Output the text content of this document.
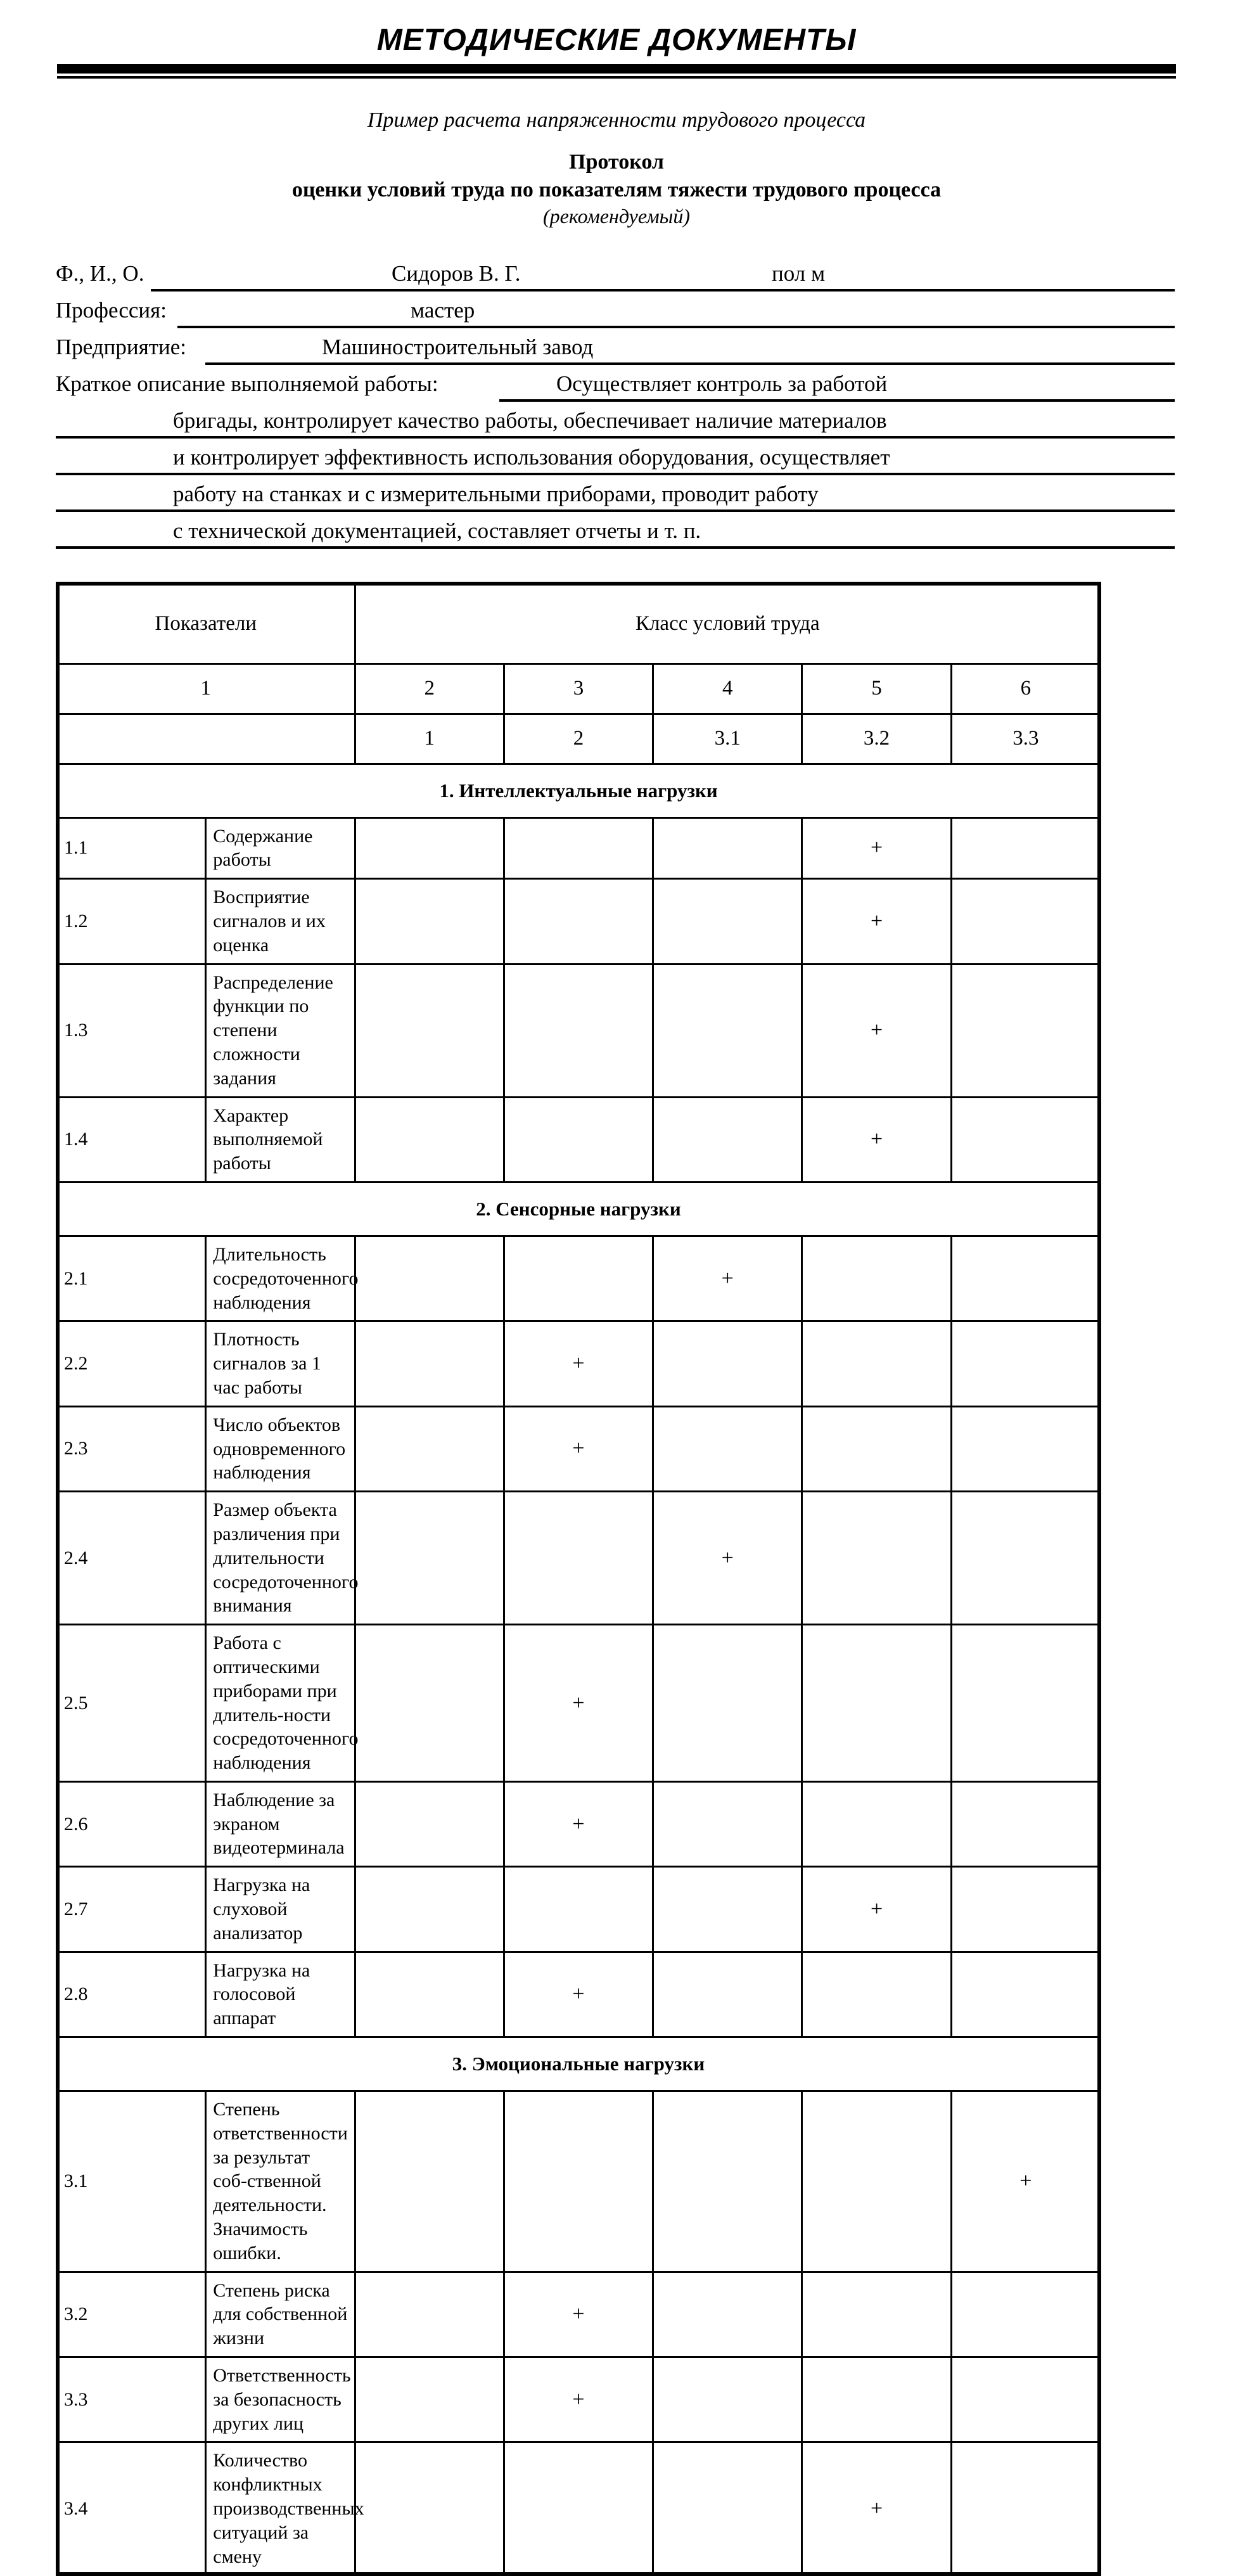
МЕТОДИЧЕСКИЕ ДОКУМЕНТЫ
Пример расчета напряженности трудового процесса
Протокол
оценки условий труда по показателям тяжести трудового процесса
(рекомендуемый)
Ф., И., О.	Сидоров В. Г.	пол м
Профессия:	мастер
Предприятие:	Машиностроительный завод
Краткое описание выполняемой работы:	Осуществляет контроль за работой
бригады, контролирует качество работы, обеспечивает наличие материалов
и контролирует эффективность использования оборудования, осуществляет
работу на станках и с измерительными приборами, проводит работу
с технической документацией, составляет отчеты и т. п.
Показатели		Класс условий труда				
1		2	3	4	5	6
		1	2	3.1	3.2	3.3
1. Интеллектуальные нагрузки						
1.1	Содержание работы				+	
1.2	Восприятие сигналов и их оценка				+	
1.3	Распределение функции по степени сложности задания				+	
1.4	Характер выполняемой работы				+	
2. Сенсорные нагрузки						
2.1	Длительность сосредоточенного наблюдения			+		
2.2	Плотность сигналов за 1 час работы		+			
2.3	Число объектов одновременного наблюдения		+			
2.4	Размер объекта различения при длительности сосредоточенного внимания			+		
2.5	Работа с оптическими приборами при длитель-ности сосредоточенного наблюдения		+			
2.6	Наблюдение за экраном видеотерминала		+			
2.7	Нагрузка на слуховой анализатор				+	
2.8	Нагрузка на голосовой аппарат		+			
3. Эмоциональные нагрузки						
3.1	Степень ответственности за результат соб-ственной деятельности. Значимость ошибки.					+
3.2	Степень риска для собственной жизни		+			
3.3	Ответственность за безопасность других лиц		+			
3.4	Количество конфликтных производственных ситуаций за смену				+	
